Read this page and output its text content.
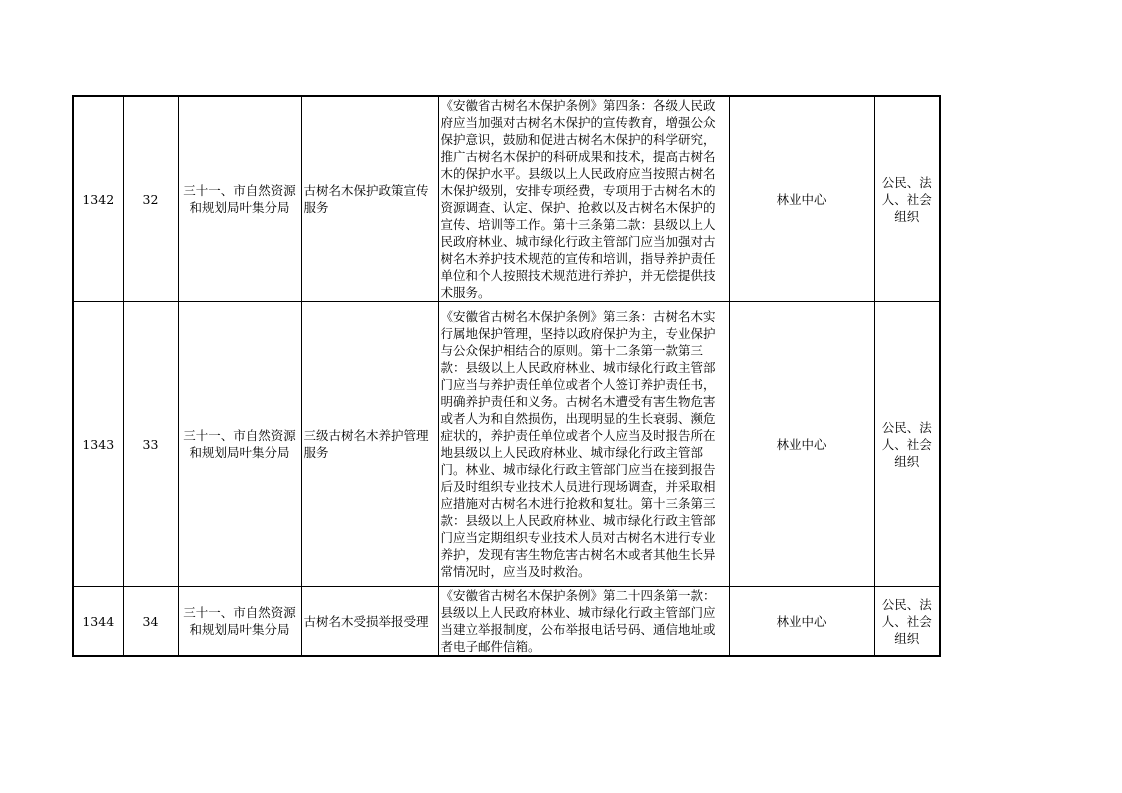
1342	32	三十一、市自然资源和规划局叶集分局	古树名木保护政策宣传服务	《安徽省古树名木保护条例》第四条：各级人民政府应当加强对古树名木保护的宣传教育，增强公众保护意识，鼓励和促进古树名木保护的科学研究，推广古树名木保护的科研成果和技术，提高古树名木的保护水平。县级以上人民政府应当按照古树名木保护级别，安排专项经费，专项用于古树名木的资源调查、认定、保护、抢救以及古树名木保护的宣传、培训等工作。第十三条第二款：县级以上人民政府林业、城市绿化行政主管部门应当加强对古树名木养护技术规范的宣传和培训，指导养护责任单位和个人按照技术规范进行养护，并无偿提供技术服务。	林业中心	公民、法人、社会组织
1343	33	三十一、市自然资源和规划局叶集分局	三级古树名木养护管理服务	《安徽省古树名木保护条例》第三条：古树名木实行属地保护管理，坚持以政府保护为主，专业保护与公众保护相结合的原则。第十二条第一款第三款：县级以上人民政府林业、城市绿化行政主管部门应当与养护责任单位或者个人签订养护责任书，明确养护责任和义务。古树名木遭受有害生物危害或者人为和自然损伤，出现明显的生长衰弱、濒危症状的，养护责任单位或者个人应当及时报告所在地县级以上人民政府林业、城市绿化行政主管部门。林业、城市绿化行政主管部门应当在接到报告后及时组织专业技术人员进行现场调查，并采取相应措施对古树名木进行抢救和复壮。第十三条第三款：县级以上人民政府林业、城市绿化行政主管部门应当定期组织专业技术人员对古树名木进行专业养护，发现有害生物危害古树名木或者其他生长异常情况时，应当及时救治。	林业中心	公民、法人、社会组织
1344	34	三十一、市自然资源和规划局叶集分局	古树名木受损举报受理	《安徽省古树名木保护条例》第二十四条第一款：县级以上人民政府林业、城市绿化行政主管部门应当建立举报制度，公布举报电话号码、通信地址或者电子邮件信箱。	林业中心	公民、法人、社会组织
